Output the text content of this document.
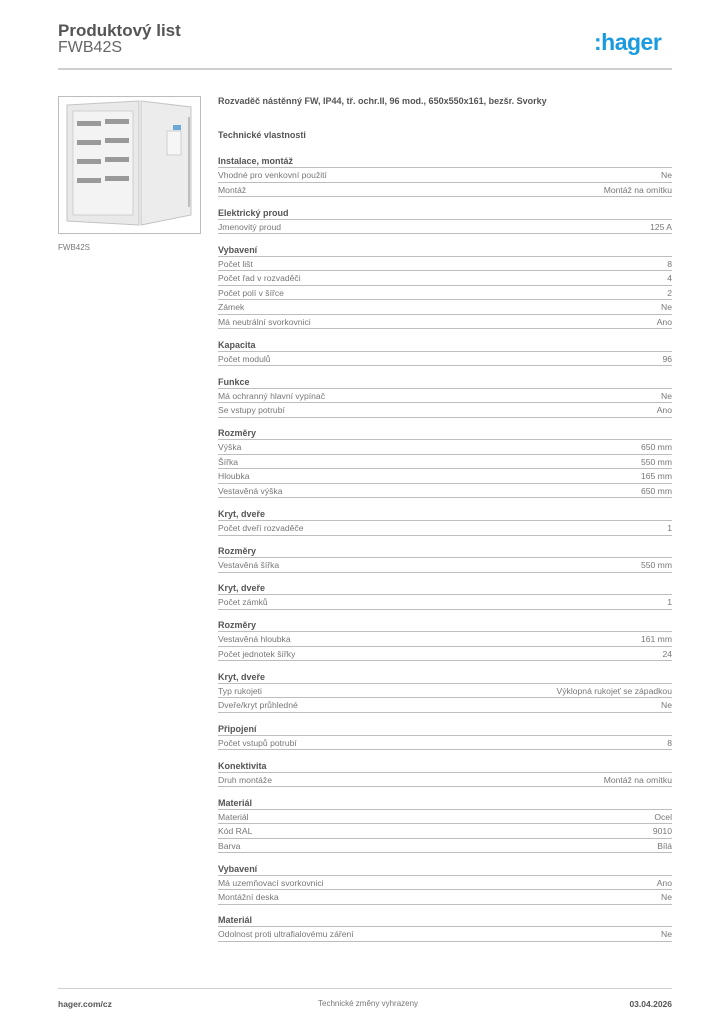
Produktový list
FWB42S	:hager
FWB42S
Rozvaděč nástěnný FW, IP44, tř. ochr.II, 96 mod., 650x550x161, bezšr. Svorky
Technické vlastnosti
Instalace, montáž
Vhodné pro venkovní použití	Ne
Montáž	Montáž na omítku
Elektrický proud
Jmenovitý proud	125 A
Vybavení
Počet lišt	8
Počet řad v rozvaděči	4
Počet polí v šířce	2
Zámek	Ne
Má neutrální svorkovnici	Ano
Kapacita
Počet modulů	96
Funkce
Má ochranný hlavní vypínač	Ne
Se vstupy potrubí	Ano
Rozměry
Výška	650 mm
Šířka	550 mm
Hloubka	165 mm
Vestavěná výška	650 mm
Kryt, dveře
Počet dveří rozvaděče	1
Rozměry
Vestavěná šířka	550 mm
Kryt, dveře
Počet zámků	1
Rozměry
Vestavěná hloubka	161 mm
Počet jednotek šířky	24
Kryt, dveře
Typ rukojeti	Výklopná rukojeť se západkou
Dveře/kryt průhledné	Ne
Připojení
Počet vstupů potrubí	8
Konektivita
Druh montáže	Montáž na omítku
Materiál
Materiál	Ocel
Kód RAL	9010
Barva	Bílá
Vybavení
Má uzemňovací svorkovnici	Ano
Montážní deska	Ne
Materiál
Odolnost proti ultrafialovému záření	Ne
hager.com/cz	Technické změny vyhrazeny	03.04.2026
